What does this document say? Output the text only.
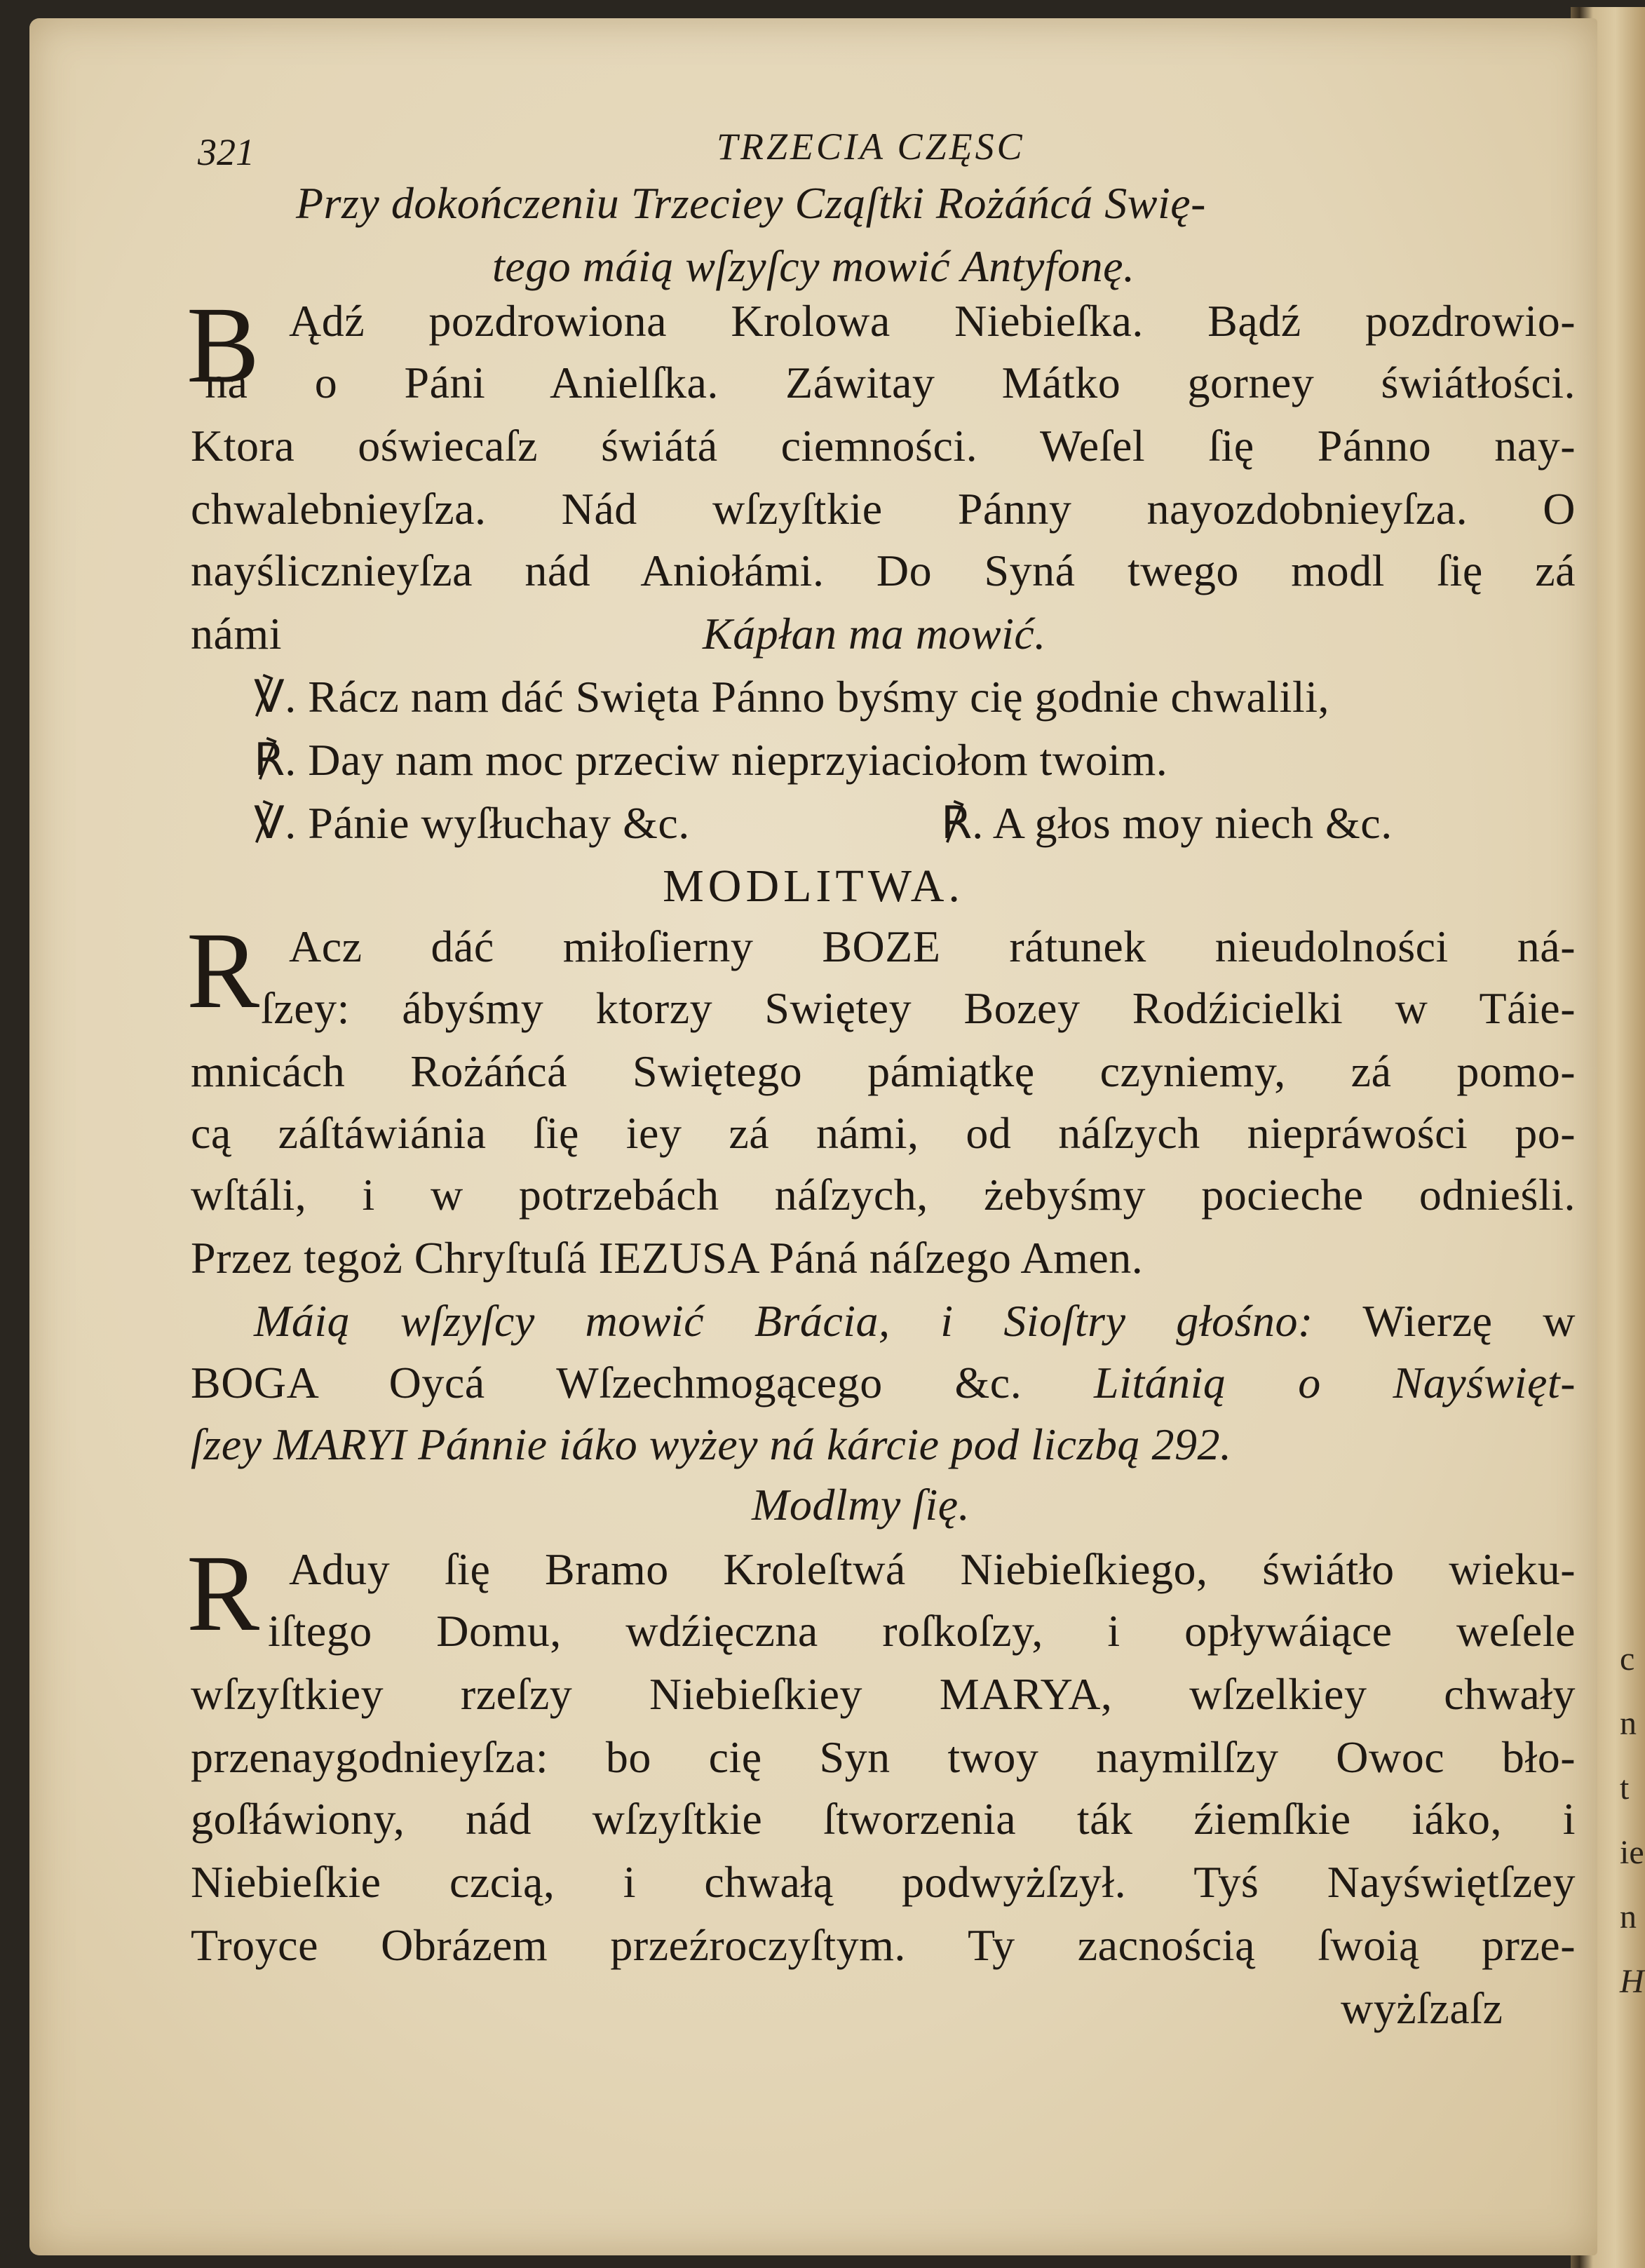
321	TRZECIA CZĘSC
Przy dokończeniu Trzeciey Cząſtki Rożáńcá Swię-
tego máią wſzyſcy mowić Antyfonę.
B Ądź pozdrowiona Krolowa Niebieſka. Bądź pozdrowio-
na o Páni Anielſka. Záwitay Mátko gorney świátłości.
Ktora oświecaſz świátá ciemności. Weſel ſię Pánno nay-
chwalebnieyſza. Nád wſzyſtkie Pánny nayozdobnieyſza. O
nayślicznieyſza nád Aniołámi. Do Syná twego modl ſię zá
námi	Kápłan ma mowić.
℣. Rácz nam dáć Swięta Pánno byśmy cię godnie chwalili,
℟. Day nam moc przeciw nieprzyiaciołom twoim.
℣. Pánie wyſłuchay &c.	℟. A głos moy niech &c.
MODLITWA.
R Acz dáć miłoſierny BOZE rátunek nieudolności ná-
ſzey: ábyśmy ktorzy Swiętey Bozey Rodźicielki w Táie-
mnicách Rożáńcá Swiętego pámiątkę czyniemy, zá pomo-
cą záſtáwiánia ſię iey zá námi, od náſzych niepráwości po-
wſtáli, i w potrzebách náſzych, żebyśmy pocieche odnieśli.
Przez tegoż Chryſtuſá IEZUSA Páná náſzego Amen.
Máią wſzyſcy mowić Brácia, i Sioſtry głośno: Wierzę w
BOGA Oycá Wſzechmogącego &c. Litánią o Nayświęt-
ſzey MARYI Pánnie iáko wyżey ná kárcie pod liczbą 292.
Modlmy ſię.
R Aduy ſię Bramo Kroleſtwá Niebieſkiego, świátło wieku-
iſtego Domu, wdźięczna roſkoſzy, i opływáiące weſele
wſzyſtkiey rzeſzy Niebieſkiey MARYA, wſzelkiey chwały
przenaygodnieyſza: bo cię Syn twoy naymilſzy Owoc bło-
goſłáwiony, nád wſzyſtkie ſtworzenia ták źiemſkie iáko, i
Niebieſkie czcią, i chwałą podwyżſzył. Tyś Nayświętſzey
Troyce Obrázem przeźroczyſtym. Ty zacnością ſwoią prze-
wyżſzaſz
c
n
t
ie
n
H
